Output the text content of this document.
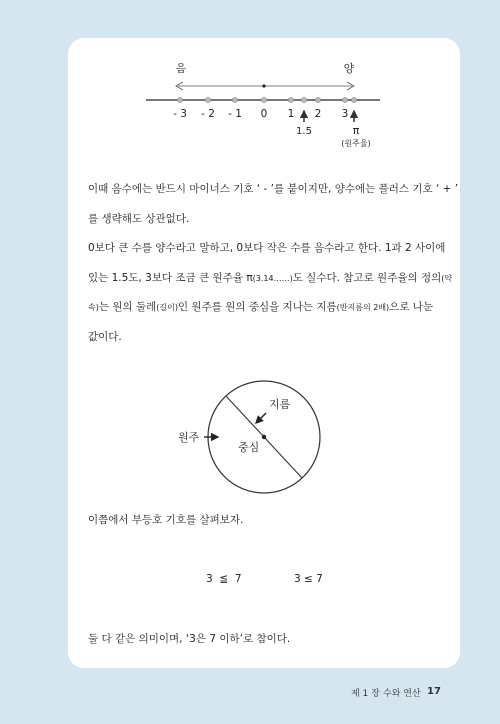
음	양
- 3 - 2 - 1 0 1 2 3
1.5	π
(원주율)
이때 음수에는 반드시 마이너스 기호 ‘ - ’를 붙이지만, 양수에는 플러스 기호 ‘ + ’
를 생략해도 상관없다.
0보다 큰 수를 양수라고 말하고, 0보다 작은 수를 음수라고 한다. 1과 2 사이에
있는 1.5도, 3보다 조금 큰 원주율 π(3.14……)도 실수다. 참고로 원주율의 정의(약
속)는 원의 둘레(길이)인 원주를 원의 중심을 지나는 지름(반지름의 2배)으로 나눈
값이다.
지름
중심
원주
이쯤에서 부등호 기호를 살펴보자.
3  ≦  7	3 ≤ 7
둘 다 같은 의미이며, ‘3은 7 이하’로 참이다.
제 1 장 수와 연산 17
